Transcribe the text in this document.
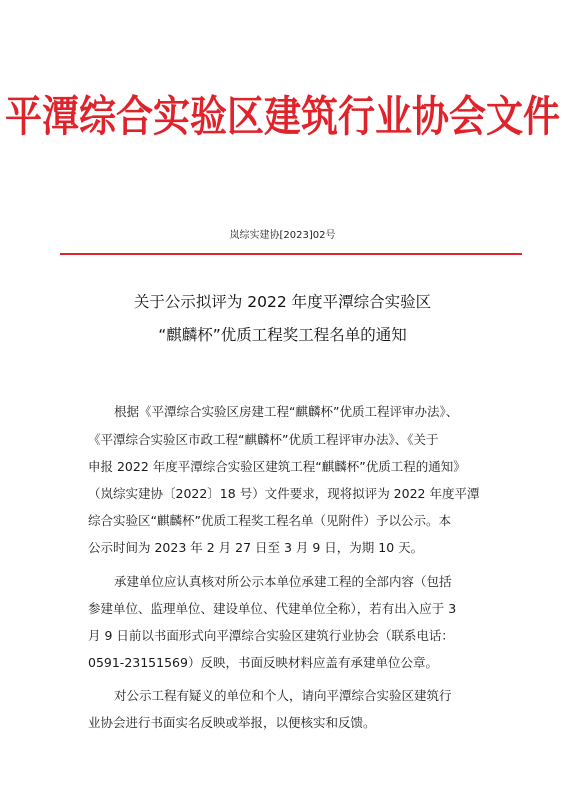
平潭综合实验区建筑行业协会文件
岚综实建协[2023]02号
关于公示拟评为 2022 年度平潭综合实验区
“麒麟杯”优质工程奖工程名单的通知
根据《平潭综合实验区房建工程“麒麟杯”优质工程评审办法》、
《平潭综合实验区市政工程“麒麟杯”优质工程评审办法》、《关于
申报 2022 年度平潭综合实验区建筑工程“麒麟杯”优质工程的通知》
（岚综实建协〔2022〕18 号）文件要求，现将拟评为 2022 年度平潭
综合实验区“麒麟杯”优质工程奖工程名单（见附件）予以公示。本
公示时间为 2023 年 2 月 27 日至 3 月 9 日，为期 10 天。
承建单位应认真核对所公示本单位承建工程的全部内容（包括
参建单位、监理单位、建设单位、代建单位全称），若有出入应于 3
月 9 日前以书面形式向平潭综合实验区建筑行业协会（联系电话：
0591-23151569）反映，书面反映材料应盖有承建单位公章。
对公示工程有疑义的单位和个人，请向平潭综合实验区建筑行
业协会进行书面实名反映或举报，以便核实和反馈。
